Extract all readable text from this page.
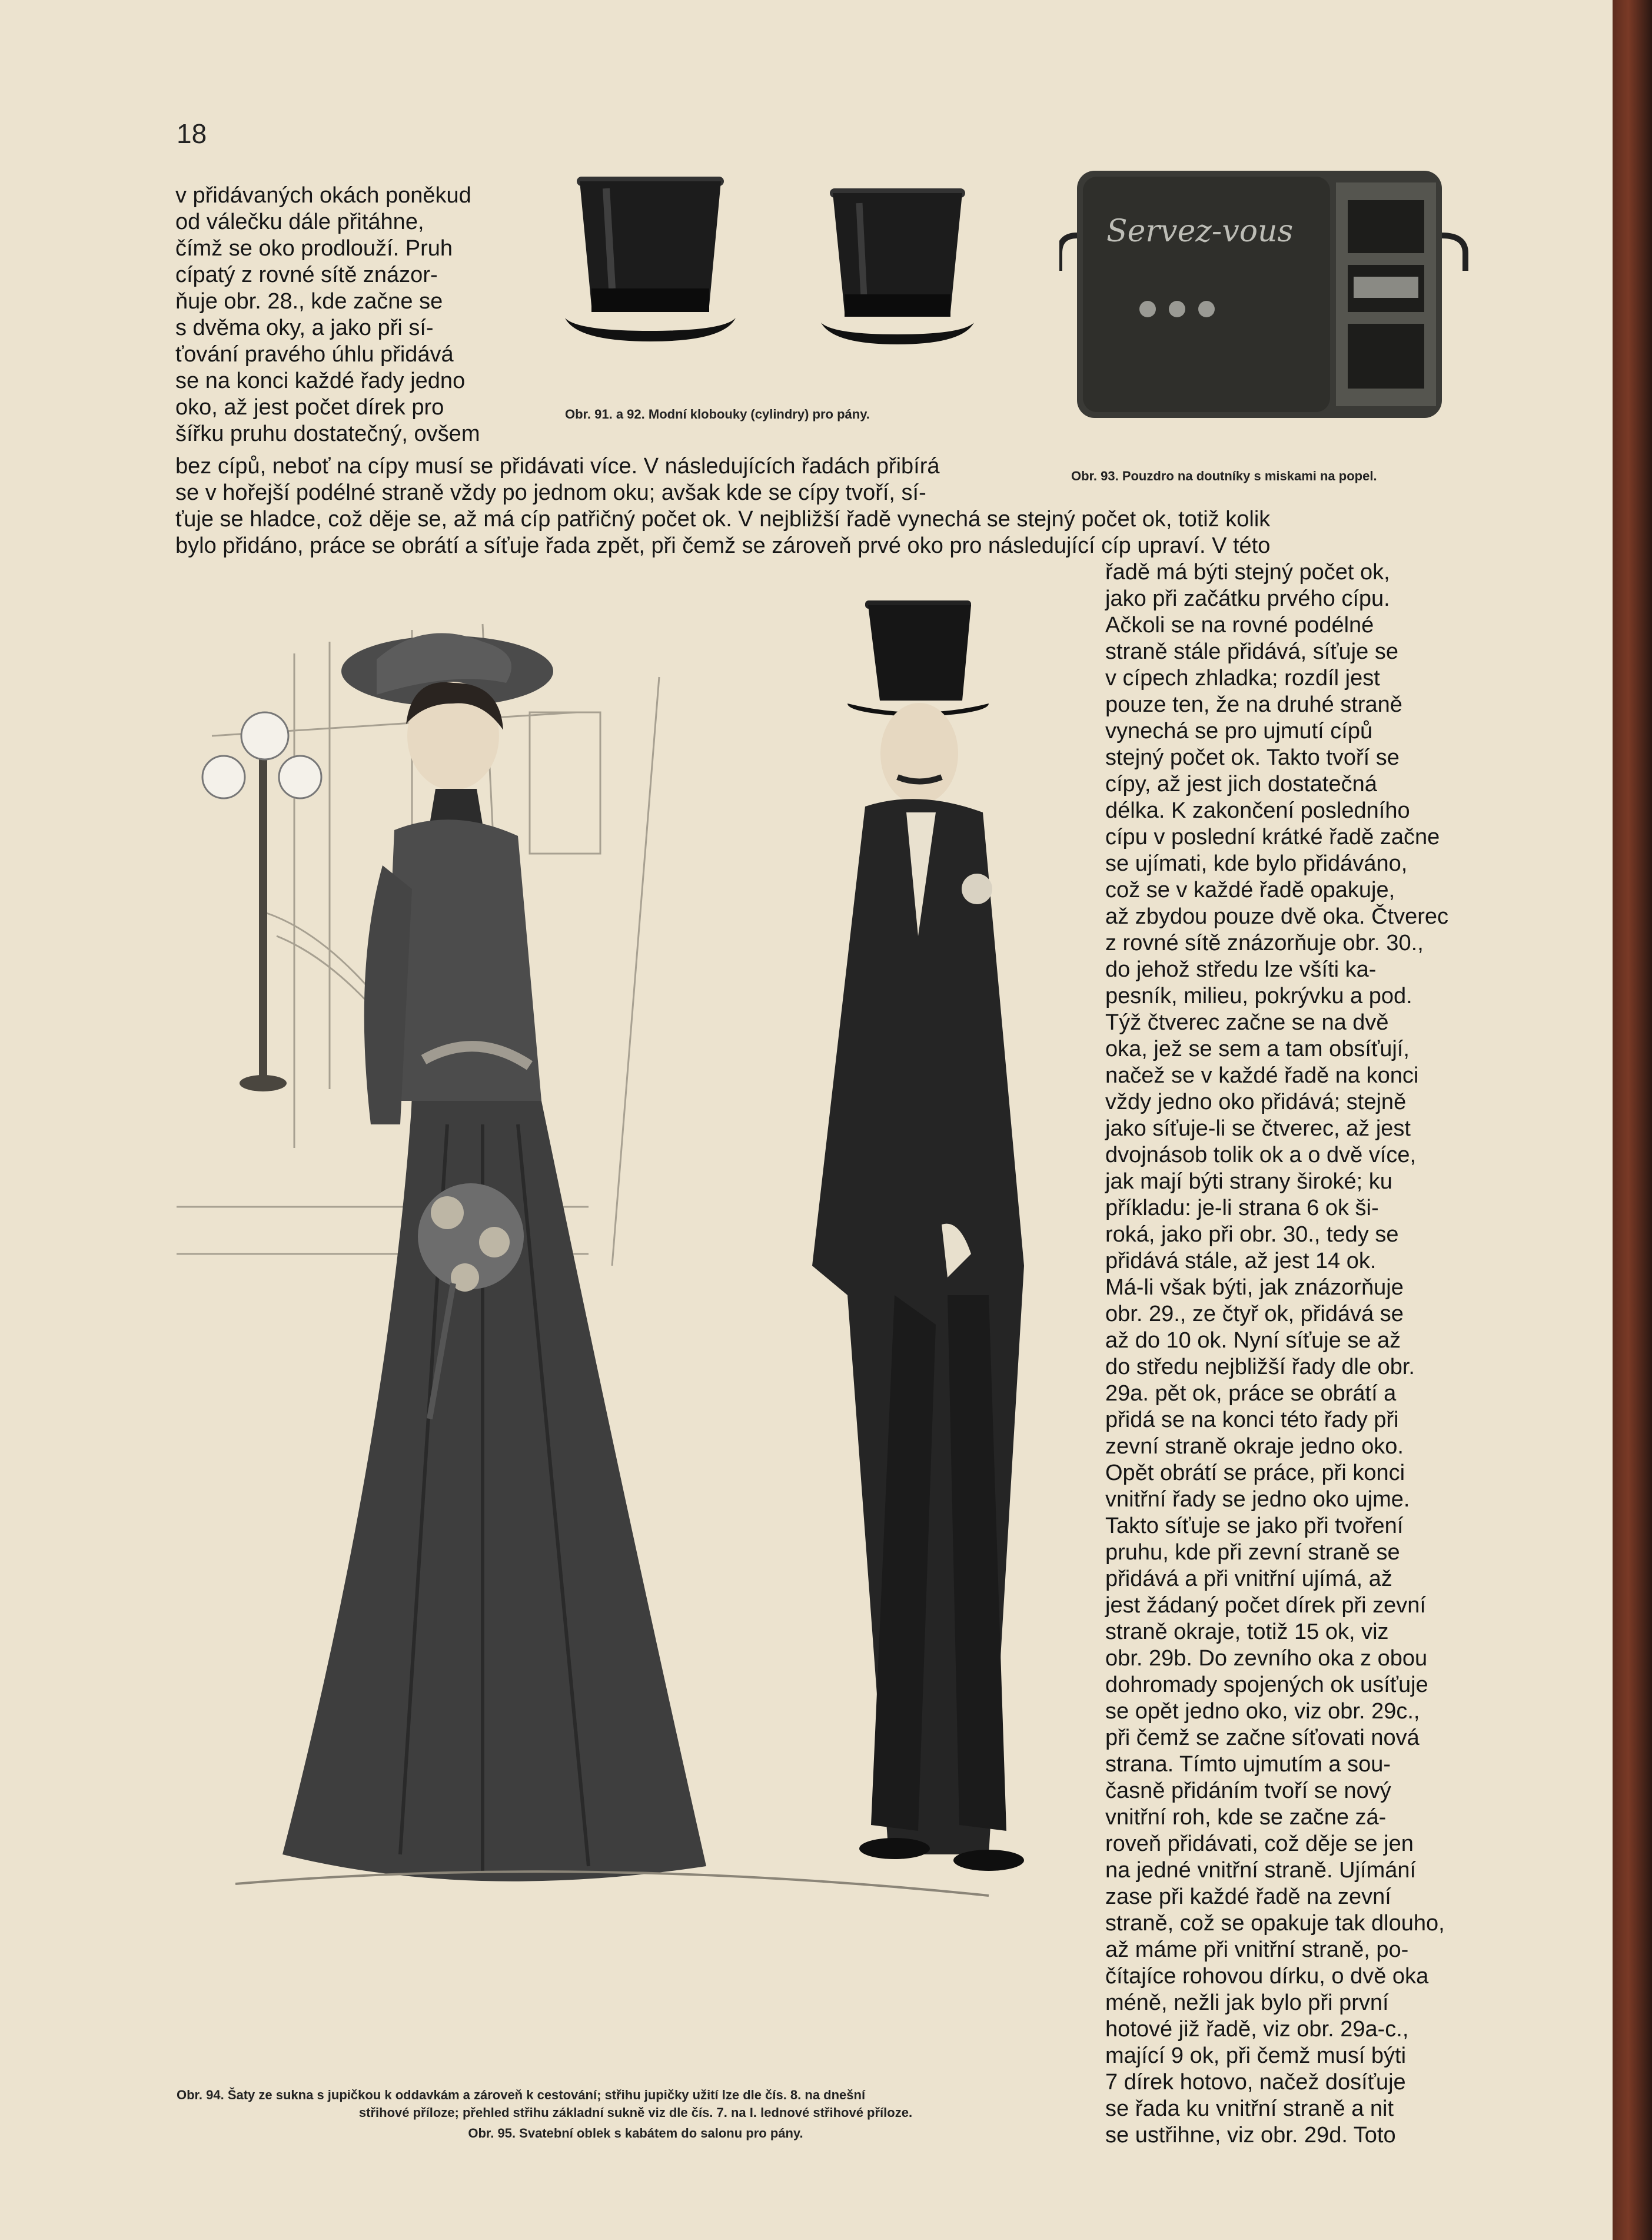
18
v přidávaných okách poněkud
od válečku dále přitáhne,
čímž se oko prodlouží. Pruh
cípatý z rovné sítě znázor-
ňuje obr. 28., kde začne se
s dvěma oky, a jako při sí-
ťování pravého úhlu přidává
se na konci každé řady jedno
oko, až jest počet dírek pro
šířku pruhu dostatečný, ovšem
Obr. 91. a 92. Modní klobouky (cylindry) pro pány.
Servez-vous
Obr. 93. Pouzdro na doutníky s miskami na popel.
bez cípů, neboť na cípy musí se přidávati více. V následujících řadách přibírá
se v hořejší podélné straně vždy po jednom oku; avšak kde se cípy tvoří, sí-
ťuje se hladce, což děje se, až má cíp patřičný počet ok. V nejbližší řadě vynechá se stejný počet ok, totiž kolik
bylo přidáno, práce se obrátí a síťuje řada zpět, při čemž se zároveň prvé oko pro následující cíp upraví. V této
řadě má býti stejný počet ok,
jako při začátku prvého cípu.
Ačkoli se na rovné podélné
straně stále přidává, síťuje se
v cípech zhladka; rozdíl jest
pouze ten, že na druhé straně
vynechá se pro ujmutí cípů
stejný počet ok. Takto tvoří se
cípy, až jest jich dostatečná
délka. K zakončení posledního
cípu v poslední krátké řadě začne
se ujímati, kde bylo přidáváno,
což se v každé řadě opakuje,
až zbydou pouze dvě oka. Čtverec
z rovné sítě znázorňuje obr. 30.,
do jehož středu lze všíti ka-
pesník, milieu, pokrývku a pod.
Týž čtverec začne se na dvě
oka, jež se sem a tam obsíťují,
načež se v každé řadě na konci
vždy jedno oko přidává; stejně
jako síťuje-li se čtverec, až jest
dvojnásob tolik ok a o dvě více,
jak mají býti strany široké; ku
příkladu: je-li strana 6 ok ši-
roká, jako při obr. 30., tedy se
přidává stále, až jest 14 ok.
Má-li však býti, jak znázorňuje
obr. 29., ze čtyř ok, přidává se
až do 10 ok. Nyní síťuje se až
do středu nejbližší řady dle obr.
29a. pět ok, práce se obrátí a
přidá se na konci této řady při
zevní straně okraje jedno oko.
Opět obrátí se práce, při konci
vnitřní řady se jedno oko ujme.
Takto síťuje se jako při tvoření
pruhu, kde při zevní straně se
přidává a při vnitřní ujímá, až
jest žádaný počet dírek při zevní
straně okraje, totiž 15 ok, viz
obr. 29b. Do zevního oka z obou
dohromady spojených ok usíťuje
se opět jedno oko, viz obr. 29c.,
při čemž se začne síťovati nová
strana. Tímto ujmutím a sou-
časně přidáním tvoří se nový
vnitřní roh, kde se začne zá-
roveň přidávati, což děje se jen
na jedné vnitřní straně. Ujímání
zase při každé řadě na zevní
straně, což se opakuje tak dlouho,
až máme při vnitřní straně, po-
čítajíce rohovou dírku, o dvě oka
méně, nežli jak bylo při první
hotové již řadě, viz obr. 29a-c.,
mající 9 ok, při čemž musí býti
7 dírek hotovo, načež dosíťuje
se řada ku vnitřní straně a nit
se ustřihne, viz obr. 29d. Toto
Obr. 94. Šaty ze sukna s jupičkou k oddavkám a zároveň k cestování; střihu jupičky užití lze dle čís. 8. na dnešní
střihové příloze; přehled střihu základní sukně viz dle čís. 7. na I. lednové střihové příloze.
Obr. 95. Svatební oblek s kabátem do salonu pro pány.
